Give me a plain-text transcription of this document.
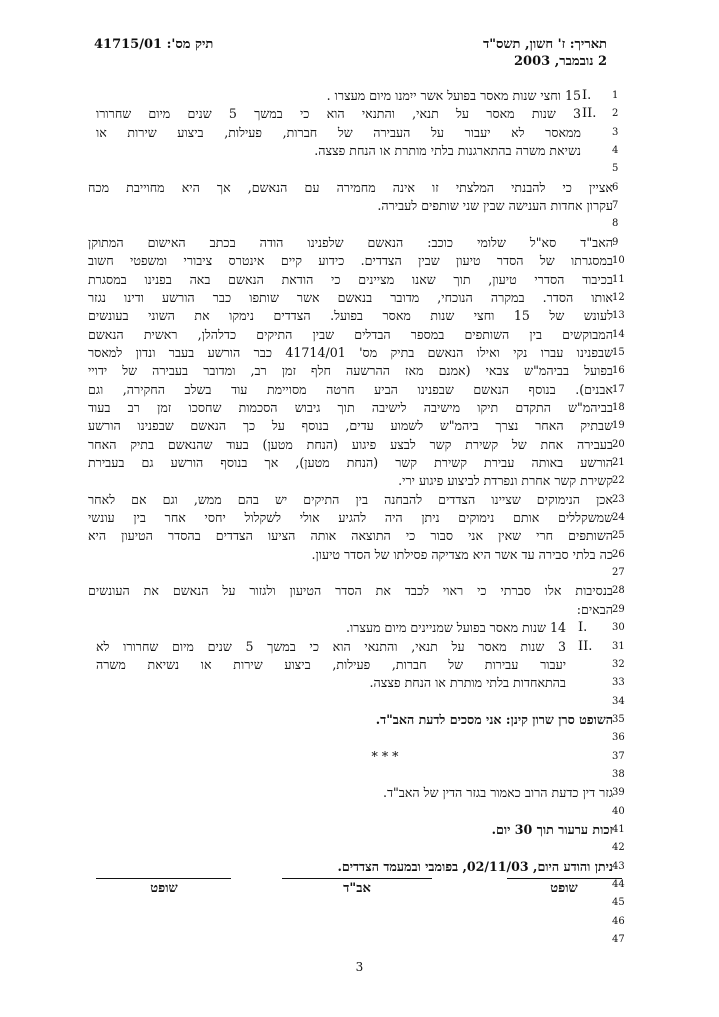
תאריך: ז' חשון, תשס"ד
2 נובמבר, 2003
תיק מס': 41715/01
1
15 וחצי שנות מאסר בפועל אשר ייִמנו מיום מעצרו . I.
2
3 שנות מאסר על תנאי, והתנאי הוא כי במשך 5 שנים מיום שחרורו II.
3
ממאסר לא יעבור על העבירה של חברות, פעילות, ביצוע שירות או
4
נשיאת משרה בהתארגנות בלתי מותרת או הנחת פצצה.
5
6
אציין כי להבנתי המלצתי זו אינה מחמירה עם הנאשם, אך היא מחוייבת מכח
7
עקרון אחדות הענישה שבין שני שותפים לעבירה.
8
9
האב"ד סא"ל שלומי כוכב: הנאשם שלפנינו הודה בכתב האישום המתוקן
10
במסגרתו של הסדר טיעון שבין הצדדים. כידוע קיים אינטרס ציבורי ומשפטי חשוב
11
בכיבוד הסדרי טיעון, תוך שאנו מציינים כי הודאת הנאשם באה בפנינו במסגרת
12
אותו הסדר. במקרה הנוכחי, מדובר בנאשם אשר שותפו כבר הורשע ודינו נגזר
13
לעונש של 15 וחצי שנות מאסר בפועל. הצדדים נימקו את השוני בעונשים
14
המבוקשים בין השותפים במספר הבדלים שבין התיקים כדלהלן, ראשית הנאשם
15
שבפנינו עברו נקי ואילו הנאשם בתיק מס' 41714/01 כבר הורשע בעבר ונדון למאסר
16
בפועל בביהמ"ש צבאי (אמנם מאז ההרשעה חלף זמן רב, ומדובר בעבירה של ידויי
17
אבנים). בנוסף הנאשם שבפנינו הביע חרטה מסויימת עוד בשלב החקירה, וגם
18
בביהמ"ש התקדם תיקו מישיבה לישיבה תוך גיבוש הסכמות שחסכו זמן רב בעוד
19
שבתיק האחר נצרך ביהמ"ש לשמוע עדים, בנוסף על כך הנאשם שבפנינו הורשע
20
בעבירה אחת של קשירת קשר לבצע פיגוע (הנחת מטען) בעוד שהנאשם בתיק האחר
21
הורשע באותה עבירת קשירת קשר (הנחת מטען), אך בנוסף הורשע גם בעבירת
22
קשירת קשר אחרת ונפרדת לביצוע פיגוע ירי.
23
אכן הנימוקים שציינו הצדדים להבחנה בין התיקים יש בהם ממש, וגם אם לאחר
24
שמשקללים אותם נימוקים ניתן היה להגיע אולי לשקלול יחסי אחר בין עונשי
25
השותפים חרי שאין אני סבור כי התוצאה אותה הציעו הצדדים בהסדר הטיעון היא
26
כה בלתי סבירה עד אשר היא מצדיקה פסילתו של הסדר טיעון.
27
28
בנסיבות אלו סברתי כי ראוי לכבד את הסדר הטיעון ולגזור על הנאשם את העונשים
29
הבאים:
30
14 שנות מאסר בפועל שמניינים מיום מעצרו. I.
31
3 שנות מאסר על תנאי, והתנאי הוא כי במשך 5 שנים מיום שחרורו לא II.
32
יעבור עבירות של חברות, פעילות, ביצוע שירות או נשיאת משרה
33
בהתאחדות בלתי מותרת או הנחת פצצה.
34
35
השופט סרן שרון קינן: אני מסכים לדעת האב"ד.
36
37
* * *
38
39
גזר דין כדעת הרוב כאמור בגזר הדין של האב"ד.
40
41
זכות ערעור תוך 30 יום.
42
43
ניתן והודע היום, 02/11/03, בפומבי ובמעמד הצדדים.
44
45
46
47
שופט
אב"ד
שופט
3
